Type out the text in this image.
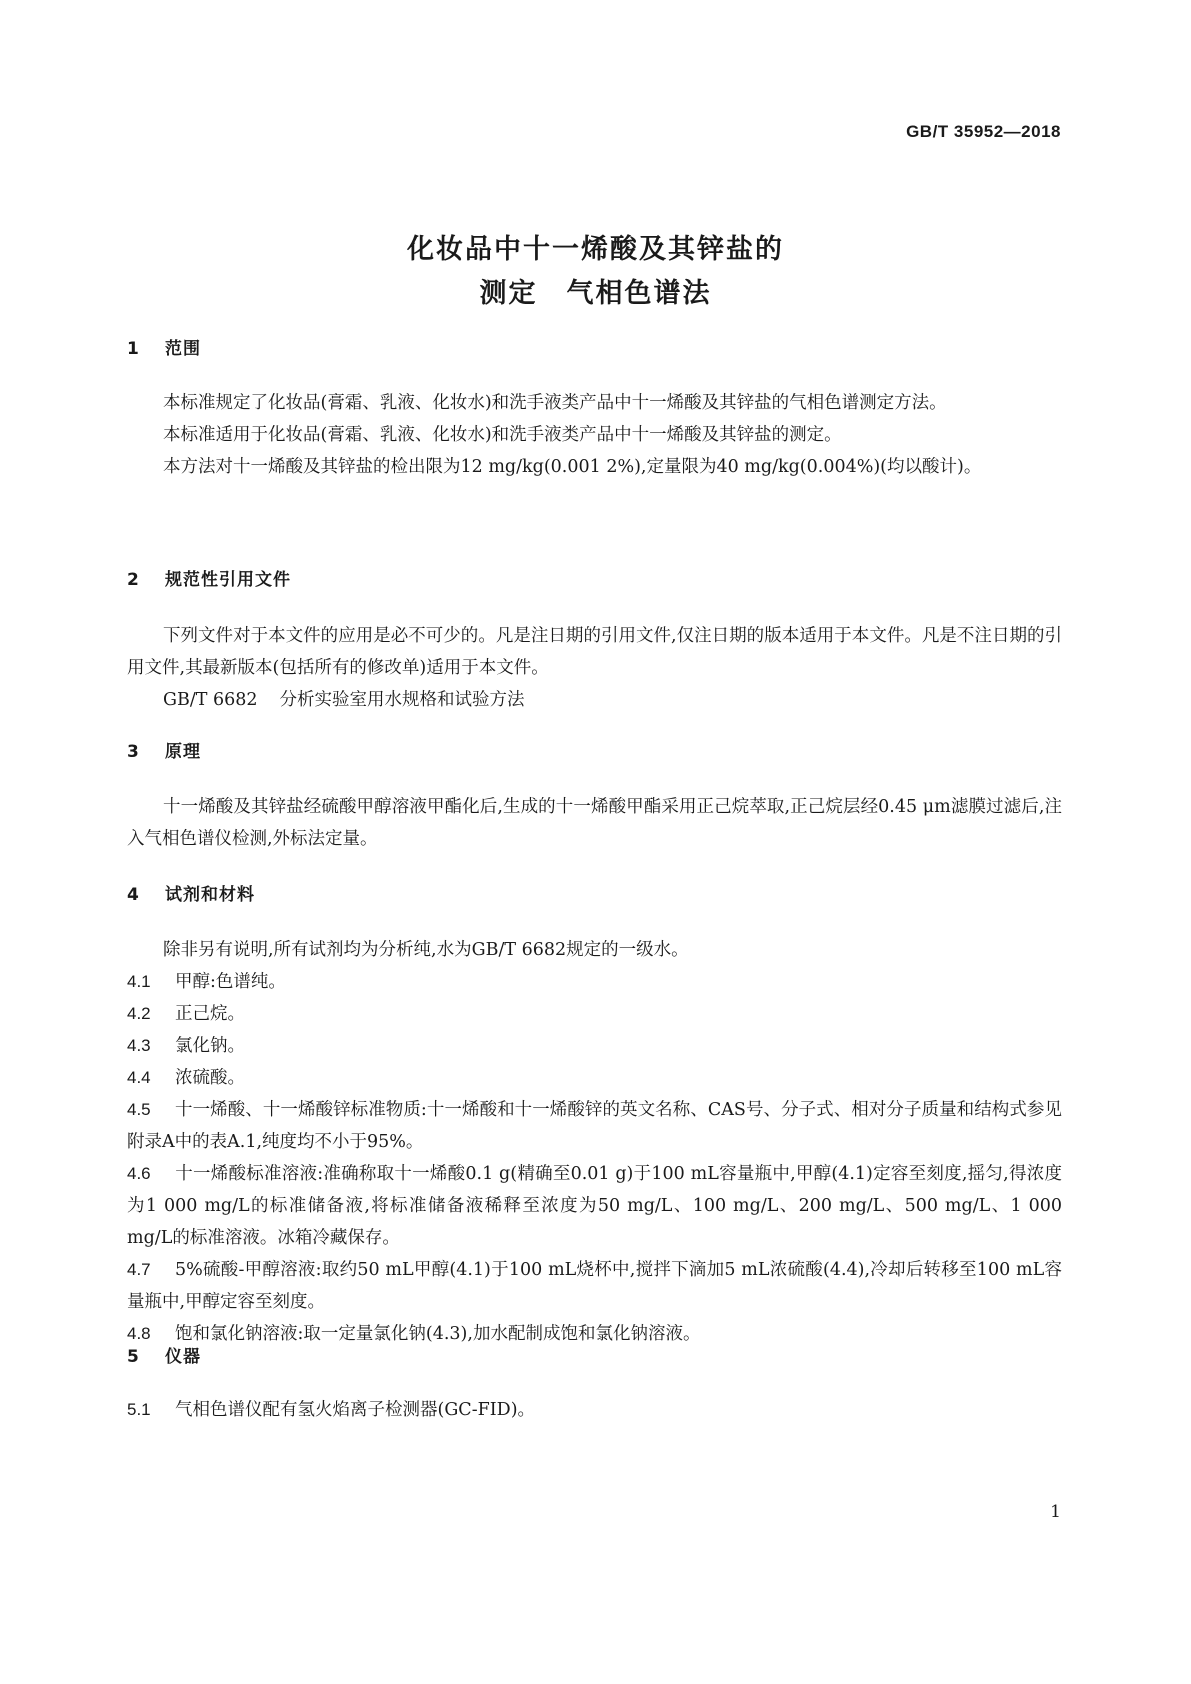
GB/T 35952—2018
化妆品中十一烯酸及其锌盐的
测定　气相色谱法
1 范围

本标准规定了化妆品(膏霜、乳液、化妆水)和洗手液类产品中十一烯酸及其锌盐的气相色谱测定方法。

本标准适用于化妆品(膏霜、乳液、化妆水)和洗手液类产品中十一烯酸及其锌盐的测定。

本方法对十一烯酸及其锌盐的检出限为12 mg/kg(0.001 2%),定量限为40 mg/kg(0.004%)(均以酸计)。

2 规范性引用文件

下列文件对于本文件的应用是必不可少的。凡是注日期的引用文件,仅注日期的版本适用于本文件。凡是不注日期的引用文件,其最新版本(包括所有的修改单)适用于本文件。

GB/T 6682 分析实验室用水规格和试验方法
3 原理

十一烯酸及其锌盐经硫酸甲醇溶液甲酯化后,生成的十一烯酸甲酯采用正己烷萃取,正己烷层经0.45 μm滤膜过滤后,注入气相色谱仪检测,外标法定量。

4 试剂和材料

除非另有说明,所有试剂均为分析纯,水为GB/T 6682规定的一级水。

4.1 甲醇:色谱纯。
4.2 正己烷。
4.3 氯化钠。
4.4 浓硫酸。
4.5 十一烯酸、十一烯酸锌标准物质:十一烯酸和十一烯酸锌的英文名称、CAS号、分子式、相对分子质量和结构式参见附录A中的表A.1,纯度均不小于95%。
4.6 十一烯酸标准溶液:准确称取十一烯酸0.1 g(精确至0.01 g)于100 mL容量瓶中,甲醇(4.1)定容至刻度,摇匀,得浓度为1 000 mg/L的标准储备液,将标准储备液稀释至浓度为50 mg/L、100 mg/L、200 mg/L、500 mg/L、1 000 mg/L的标准溶液。冰箱冷藏保存。
4.7 5%硫酸-甲醇溶液:取约50 mL甲醇(4.1)于100 mL烧杯中,搅拌下滴加5 mL浓硫酸(4.4),冷却后转移至100 mL容量瓶中,甲醇定容至刻度。
4.8 饱和氯化钠溶液:取一定量氯化钠(4.3),加水配制成饱和氯化钠溶液。
5 仪器
5.1 气相色谱仪配有氢火焰离子检测器(GC-FID)。
1
